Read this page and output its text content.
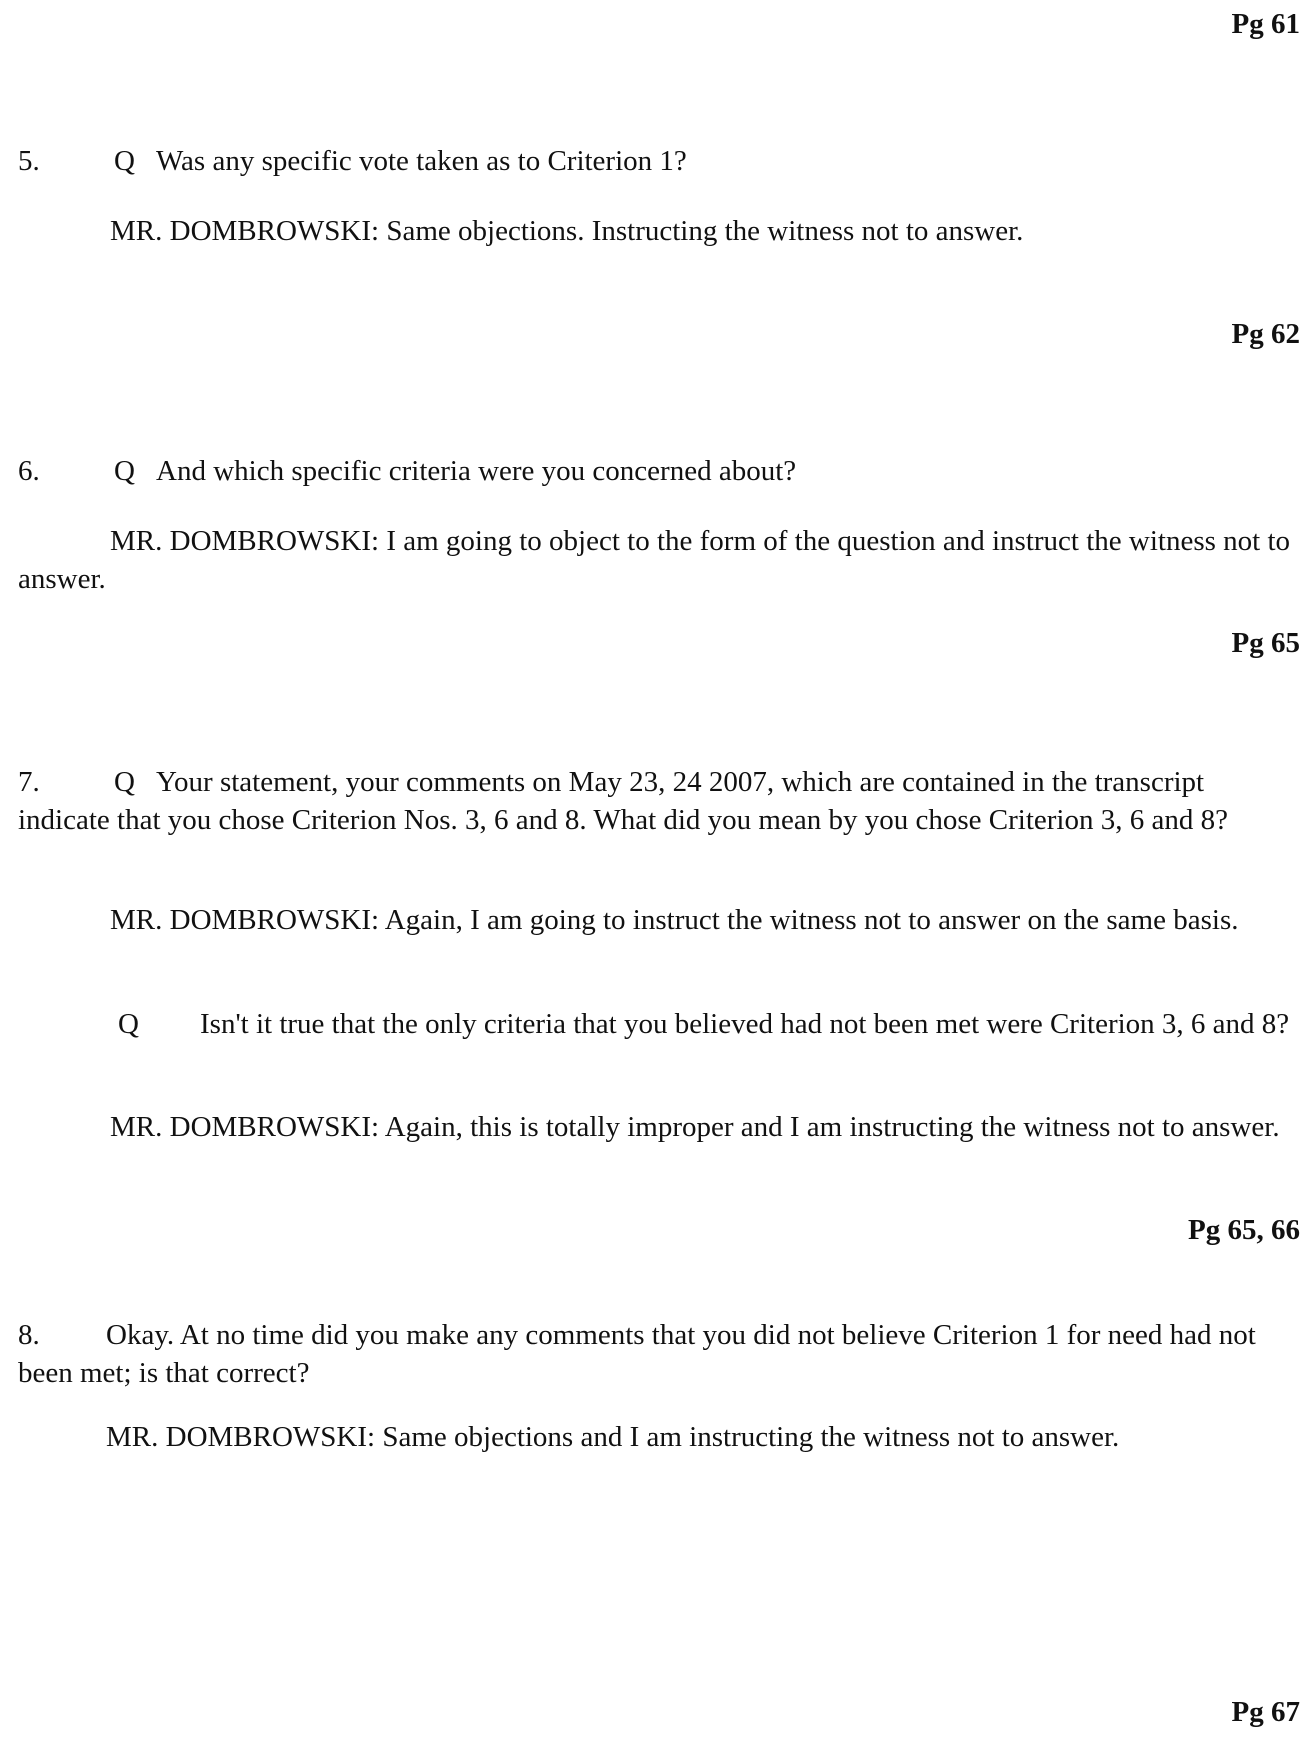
Pg 61
5.	Q Was any specific vote taken as to Criterion 1?
MR. DOMBROWSKI: Same objections. Instructing the witness not to answer.
Pg 62
6.	Q And which specific criteria were you concerned about?
MR. DOMBROWSKI: I am going to object to the form of the question and instruct the witness not to answer.
Pg 65
7.	Q Your statement, your comments on May 23, 24 2007, which are contained in the transcript indicate that you chose Criterion Nos. 3, 6 and 8. What did you mean by you chose Criterion 3, 6 and 8?
MR. DOMBROWSKI: Again, I am going to instruct the witness not to answer on the same basis.
Q Isn't it true that the only criteria that you believed had not been met were Criterion 3, 6 and 8?
MR. DOMBROWSKI: Again, this is totally improper and I am instructing the witness not to answer.
Pg 65, 66
8. Okay. At no time did you make any comments that you did not believe Criterion 1 for need had not been met; is that correct?
MR. DOMBROWSKI: Same objections and I am instructing the witness not to answer.
Pg 67
